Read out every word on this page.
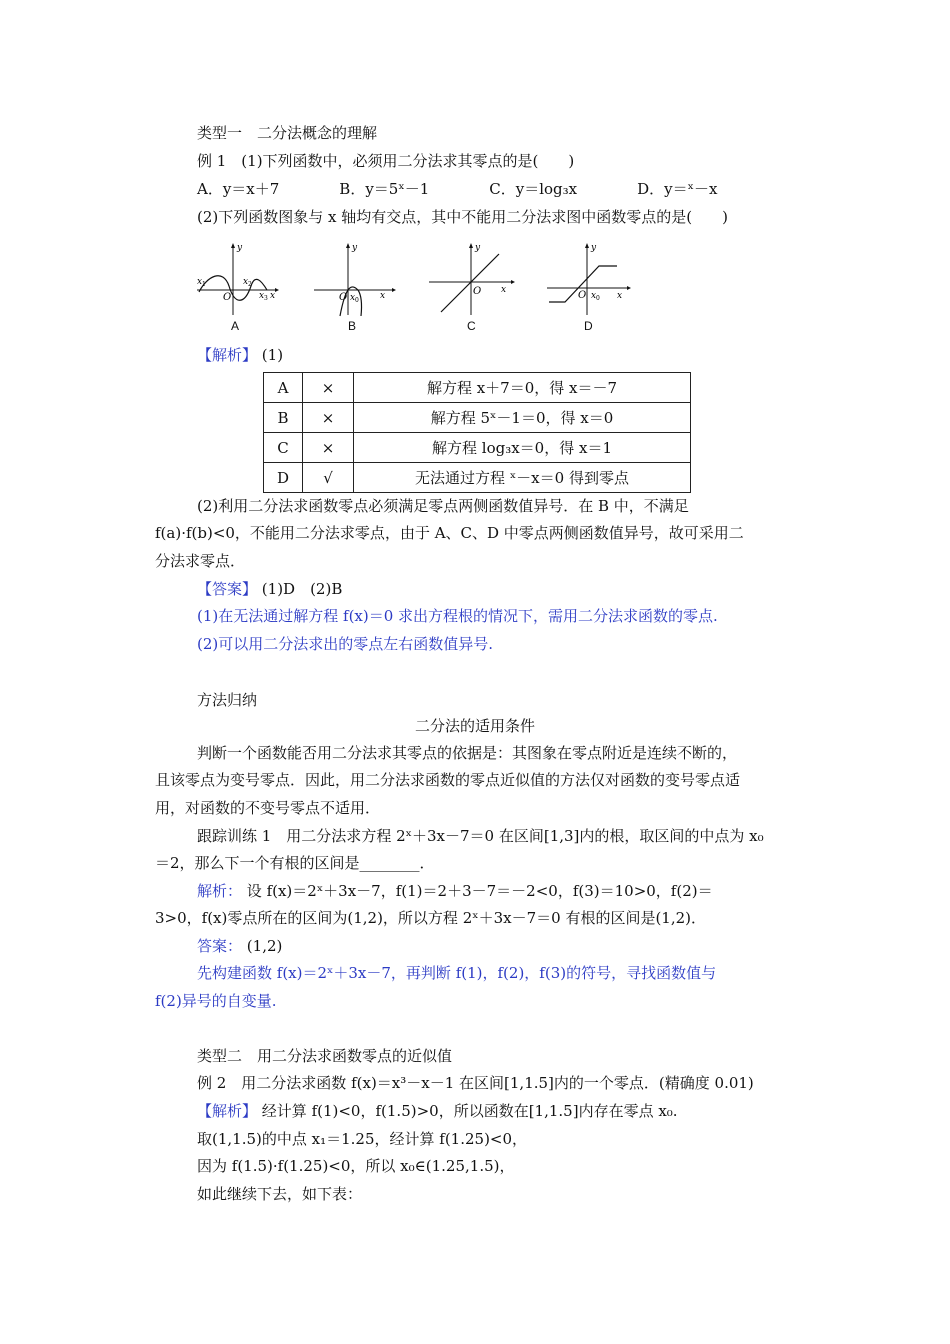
类型一　二分法概念的理解
例 1　(1)下列函数中，必须用二分法求其零点的是(　　)
A．y＝x＋7　　　　B．y＝5ˣ－1　　　　C．y＝log₃x　　　　D．y＝ˣ－x
(2)下列函数图象与 x 轴均有交点，其中不能用二分法求图中函数零点的是(　　)
x 1
y
O
x 2
x 3 x
A
y
O x 0 x
B
y
O x
C
y
O x 0 x
D
【解析】 (1)
A	×	解方程 x＋7＝0，得 x＝－7
B	×	解方程 5ˣ－1＝0，得 x＝0
C	×	解方程 log₃x＝0，得 x＝1
D	√	无法通过方程 ˣ－x＝0 得到零点
(2)利用二分法求函数零点必须满足零点两侧函数值异号．在 B 中，不满足
f(a)·f(b)<0，不能用二分法求零点，由于 A、C、D 中零点两侧函数值异号，故可采用二
分法求零点．
【答案】 (1)D　(2)B
(1)在无法通过解方程 f(x)＝0 求出方程根的情况下，需用二分法求函数的零点.
(2)可以用二分法求出的零点左右函数值异号.
方法归纳
二分法的适用条件
判断一个函数能否用二分法求其零点的依据是：其图象在零点附近是连续不断的，
且该零点为变号零点．因此，用二分法求函数的零点近似值的方法仅对函数的变号零点适
用，对函数的不变号零点不适用．
跟踪训练 1　用二分法求方程 2ˣ＋3x－7＝0 在区间[1,3]内的根，取区间的中点为 x₀
＝2，那么下一个有根的区间是________．
解析： 设 f(x)＝2ˣ＋3x－7，f(1)＝2＋3－7＝－2<0，f(3)＝10>0，f(2)＝
3>0，f(x)零点所在的区间为(1,2)，所以方程 2ˣ＋3x－7＝0 有根的区间是(1,2)．
答案： (1,2)
先构建函数 f(x)＝2ˣ＋3x－7，再判断 f(1)，f(2)，f(3)的符号，寻找函数值与
f(2)异号的自变量.
类型二　用二分法求函数零点的近似值
例 2　用二分法求函数 f(x)＝x³－x－1 在区间[1,1.5]内的一个零点．(精确度 0.01)
【解析】 经计算 f(1)<0，f(1.5)>0，所以函数在[1,1.5]内存在零点 x₀.
取(1,1.5)的中点 x₁＝1.25，经计算 f(1.25)<0，
因为 f(1.5)·f(1.25)<0，所以 x₀∈(1.25,1.5)，
如此继续下去，如下表：
